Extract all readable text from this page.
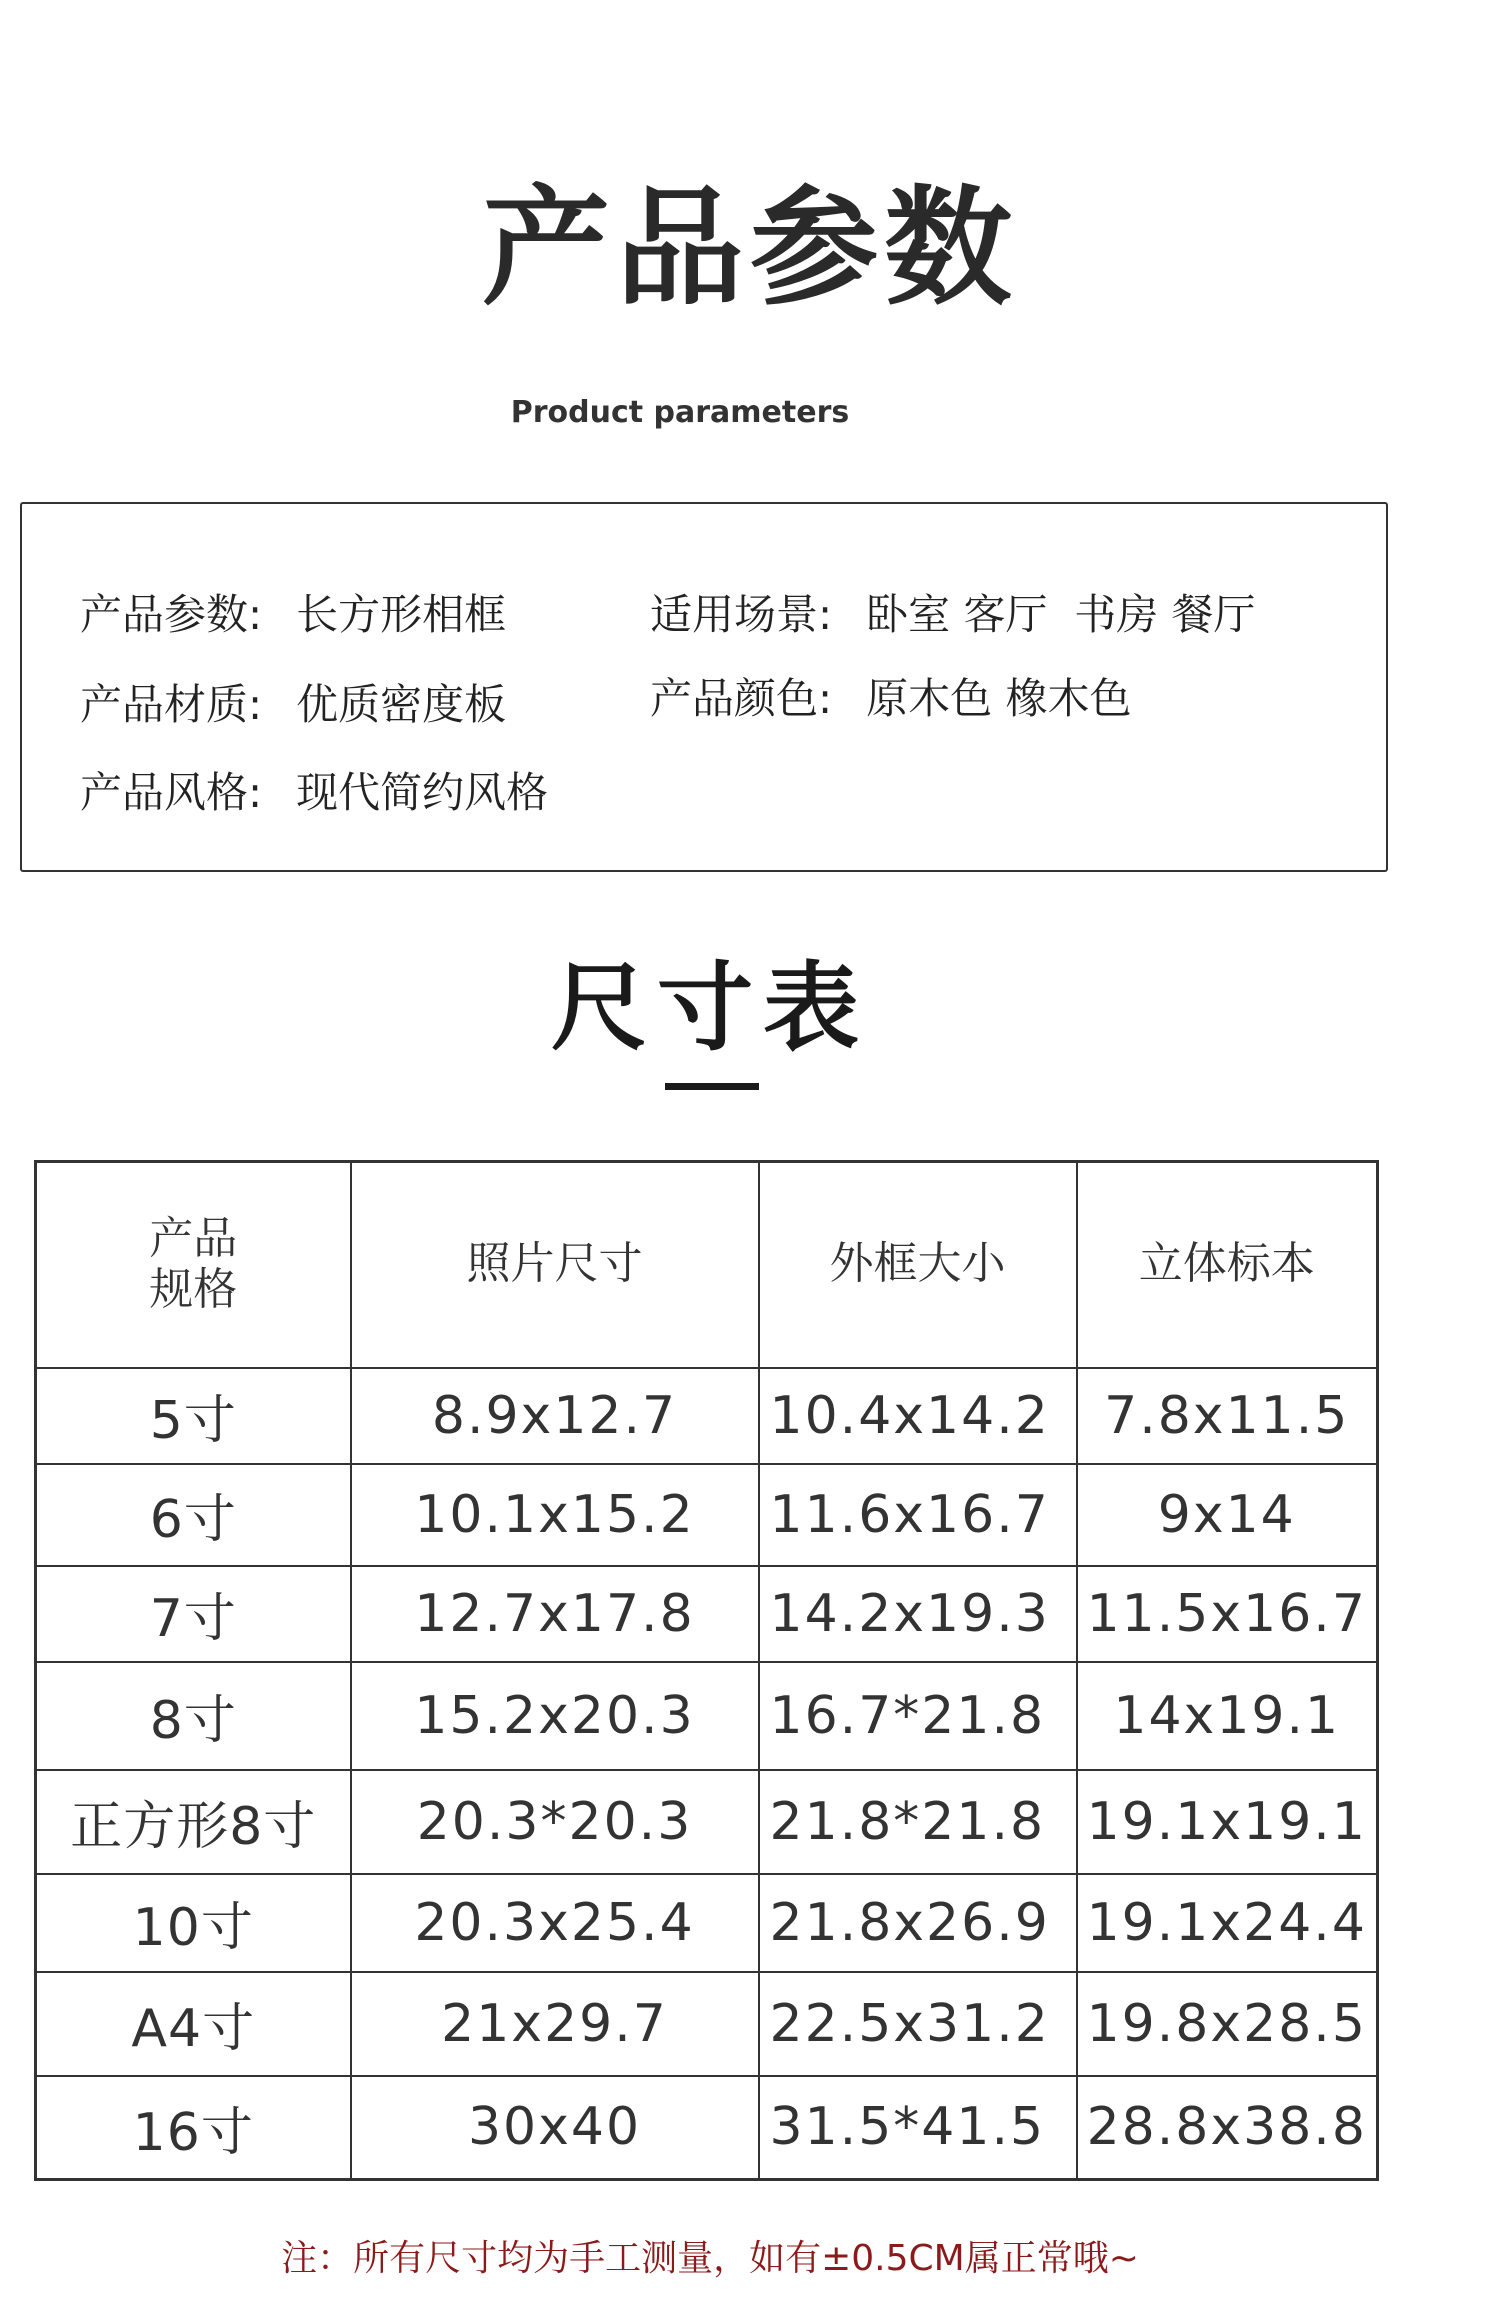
产品参数
Product parameters
产品参数: 长方形相框	适用场景: 卧室 客厅  书房 餐厅
产品材质: 优质密度板	产品颜色: 原木色 橡木色
产品风格: 现代简约风格
尺寸表
产品
规格	照片尺寸	外框大小	立体标本
5寸	8.9x12.7	10.4x14.2	7.8x11.5
6寸	10.1x15.2	11.6x16.7	9x14
7寸	12.7x17.8	14.2x19.3	11.5x16.7
8寸	15.2x20.3	16.7*21.8	14x19.1
正方形8寸	20.3*20.3	21.8*21.8	19.1x19.1
10寸	20.3x25.4	21.8x26.9	19.1x24.4
A4寸	21x29.7	22.5x31.2	19.8x28.5
16寸	30x40	31.5*41.5	28.8x38.8
注：所有尺寸均为手工测量，如有±0.5CM属正常哦~
